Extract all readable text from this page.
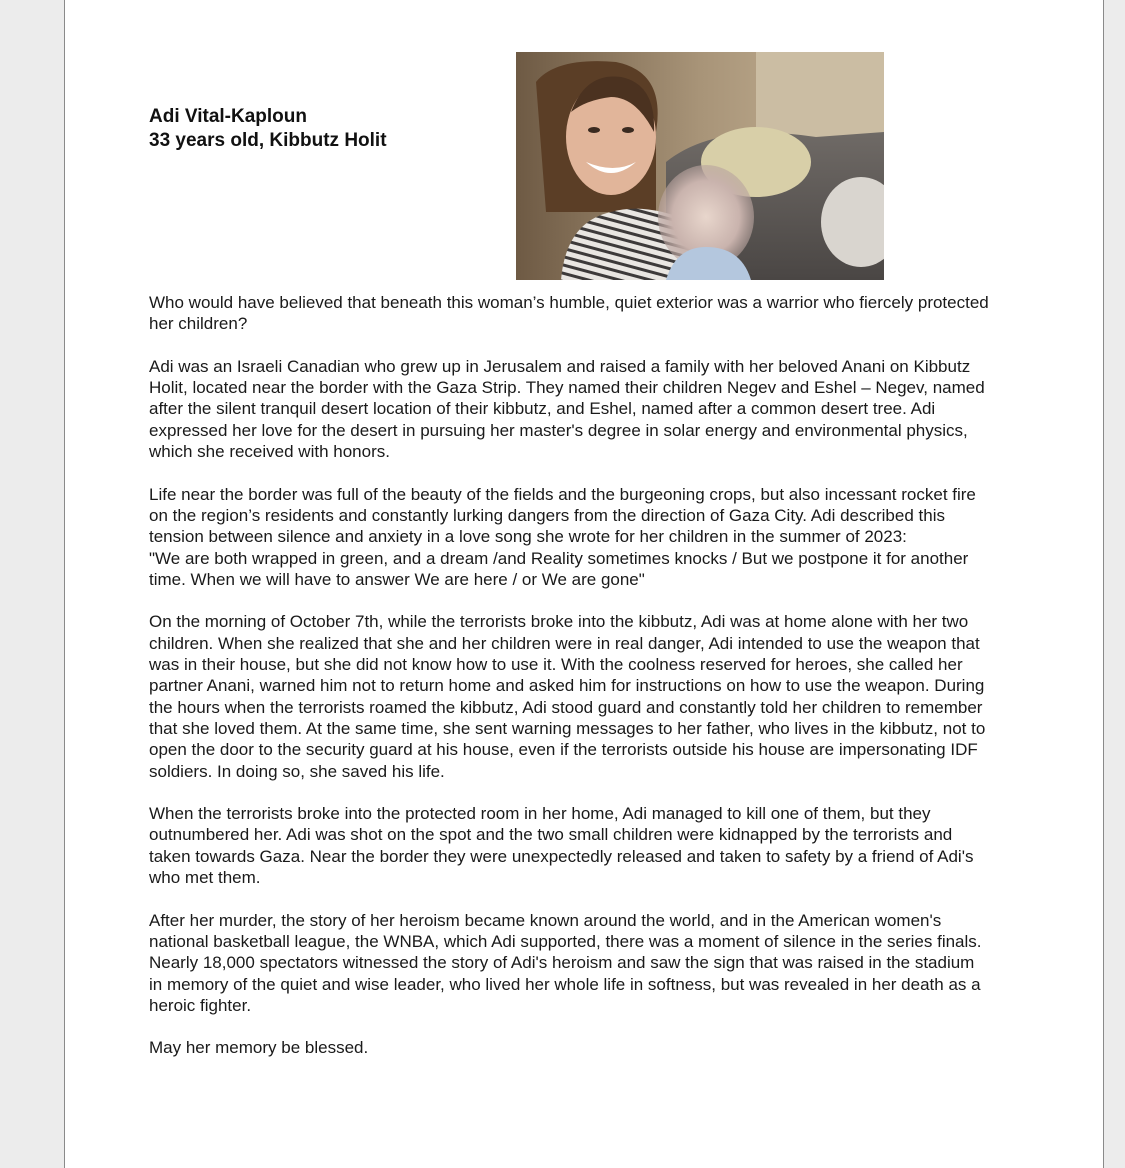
Adi Vital-Kaploun
33 years old, Kibbutz Holit

Who would have believed that beneath this woman’s humble, quiet exterior was a warrior who fiercely protected her children?

Adi was an Israeli Canadian who grew up in Jerusalem and raised a family with her beloved Anani on Kibbutz Holit, located near the border with the Gaza Strip. They named their children Negev and Eshel – Negev, named after the silent tranquil desert location of their kibbutz, and Eshel, named after a common desert tree. Adi expressed her love for the desert in pursuing her master's degree in solar energy and environmental physics, which she received with honors.

Life near the border was full of the beauty of the fields and the burgeoning crops, but also incessant rocket fire on the region’s residents and constantly lurking dangers from the direction of Gaza City. Adi described this tension between silence and anxiety in a love song she wrote for her children in the summer of 2023:

"We are both wrapped in green, and a dream /and Reality sometimes knocks / But we postpone it for another time. When we will have to answer We are here / or We are gone"

On the morning of October 7th, while the terrorists broke into the kibbutz, Adi was at home alone with her two children. When she realized that she and her children were in real danger, Adi intended to use the weapon that was in their house, but she did not know how to use it. With the coolness reserved for heroes, she called her partner Anani, warned him not to return home and asked him for instructions on how to use the weapon. During the hours when the terrorists roamed the kibbutz, Adi stood guard and constantly told her children to remember that she loved them. At the same time, she sent warning messages to her father, who lives in the kibbutz, not to open the door to the security guard at his house, even if the terrorists outside his house are impersonating IDF soldiers. In doing so, she saved his life.

When the terrorists broke into the protected room in her home, Adi managed to kill one of them, but they outnumbered her. Adi was shot on the spot and the two small children were kidnapped by the terrorists and taken towards Gaza. Near the border they were unexpectedly released and taken to safety by a friend of Adi's who met them.

After her murder, the story of her heroism became known around the world, and in the American women's national basketball league, the WNBA, which Adi supported, there was a moment of silence in the series finals. Nearly 18,000 spectators witnessed the story of Adi's heroism and saw the sign that was raised in the stadium in memory of the quiet and wise leader, who lived her whole life in softness, but was revealed in her death as a heroic fighter.

May her memory be blessed.
